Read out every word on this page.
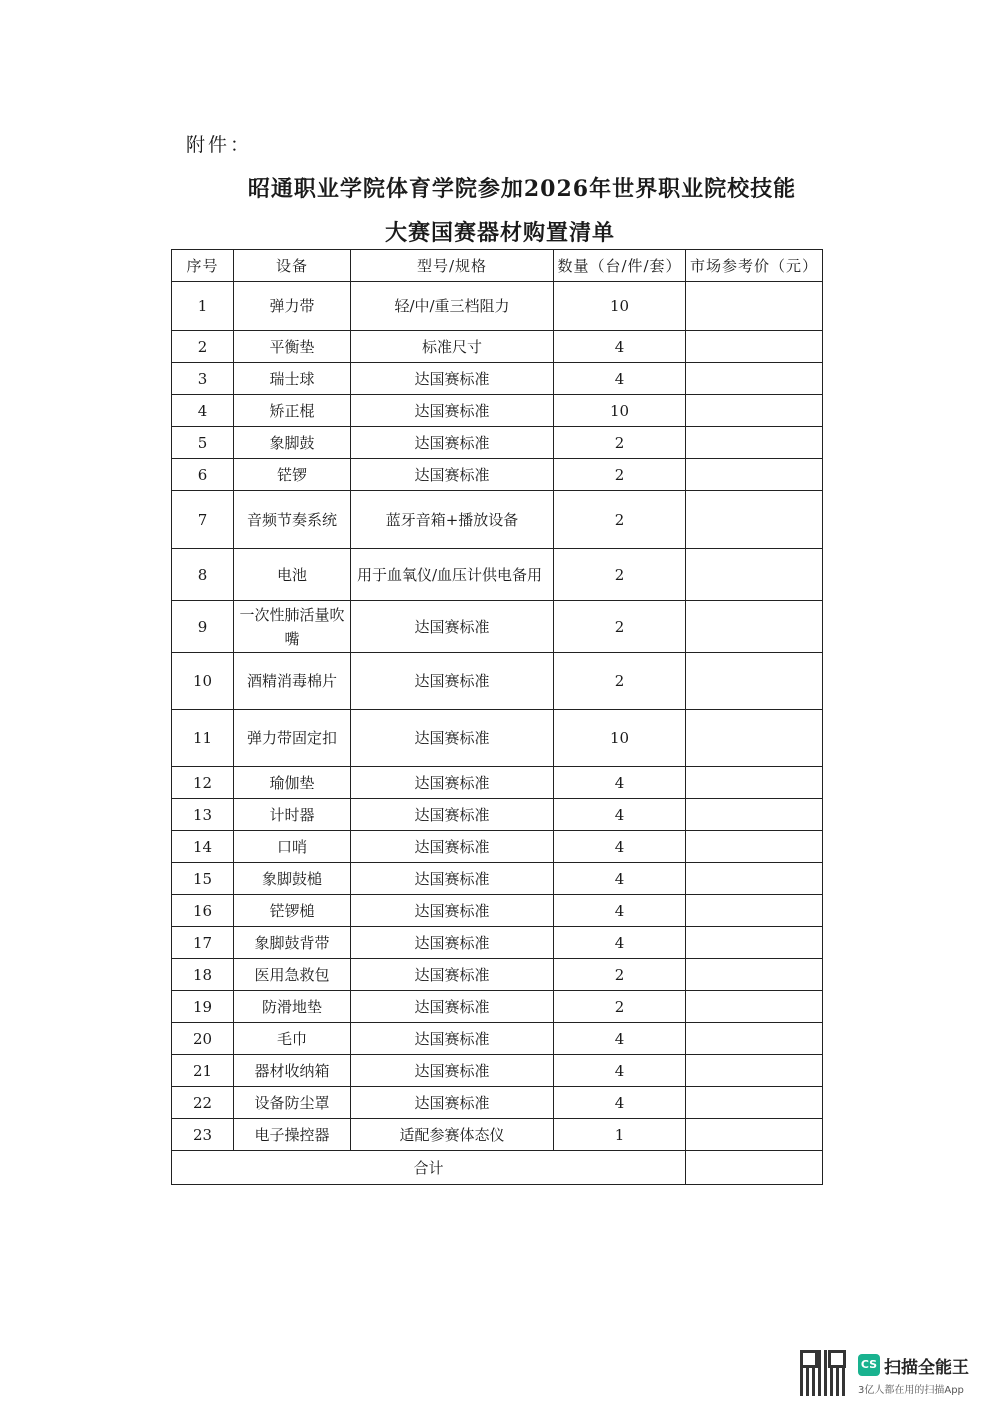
附件：
昭通职业学院体育学院参加2026年世界职业院校技能
大赛国赛器材购置清单
序号	设备	型号/规格	数量（台/件/套）	市场参考价（元）
1	弹力带	轻/中/重三档阻力	10	
2	平衡垫	标准尺寸	4	
3	瑞士球	达国赛标准	4	
4	矫正棍	达国赛标准	10	
5	象脚鼓	达国赛标准	2	
6	铓锣	达国赛标准	2	
7	音频节奏系统	蓝牙音箱+播放设备	2	
8	电池	用于血氧仪/血压计供电备用	2	
9	一次性肺活量吹嘴	达国赛标准	2	
10	酒精消毒棉片	达国赛标准	2	
11	弹力带固定扣	达国赛标准	10	
12	瑜伽垫	达国赛标准	4	
13	计时器	达国赛标准	4	
14	口哨	达国赛标准	4	
15	象脚鼓槌	达国赛标准	4	
16	铓锣槌	达国赛标准	4	
17	象脚鼓背带	达国赛标准	4	
18	医用急救包	达国赛标准	2	
19	防滑地垫	达国赛标准	2	
20	毛巾	达国赛标准	4	
21	器材收纳箱	达国赛标准	4	
22	设备防尘罩	达国赛标准	4	
23	电子操控器	适配参赛体态仪	1	
合计				
CS 扫描全能王
3亿人都在用的扫描App
